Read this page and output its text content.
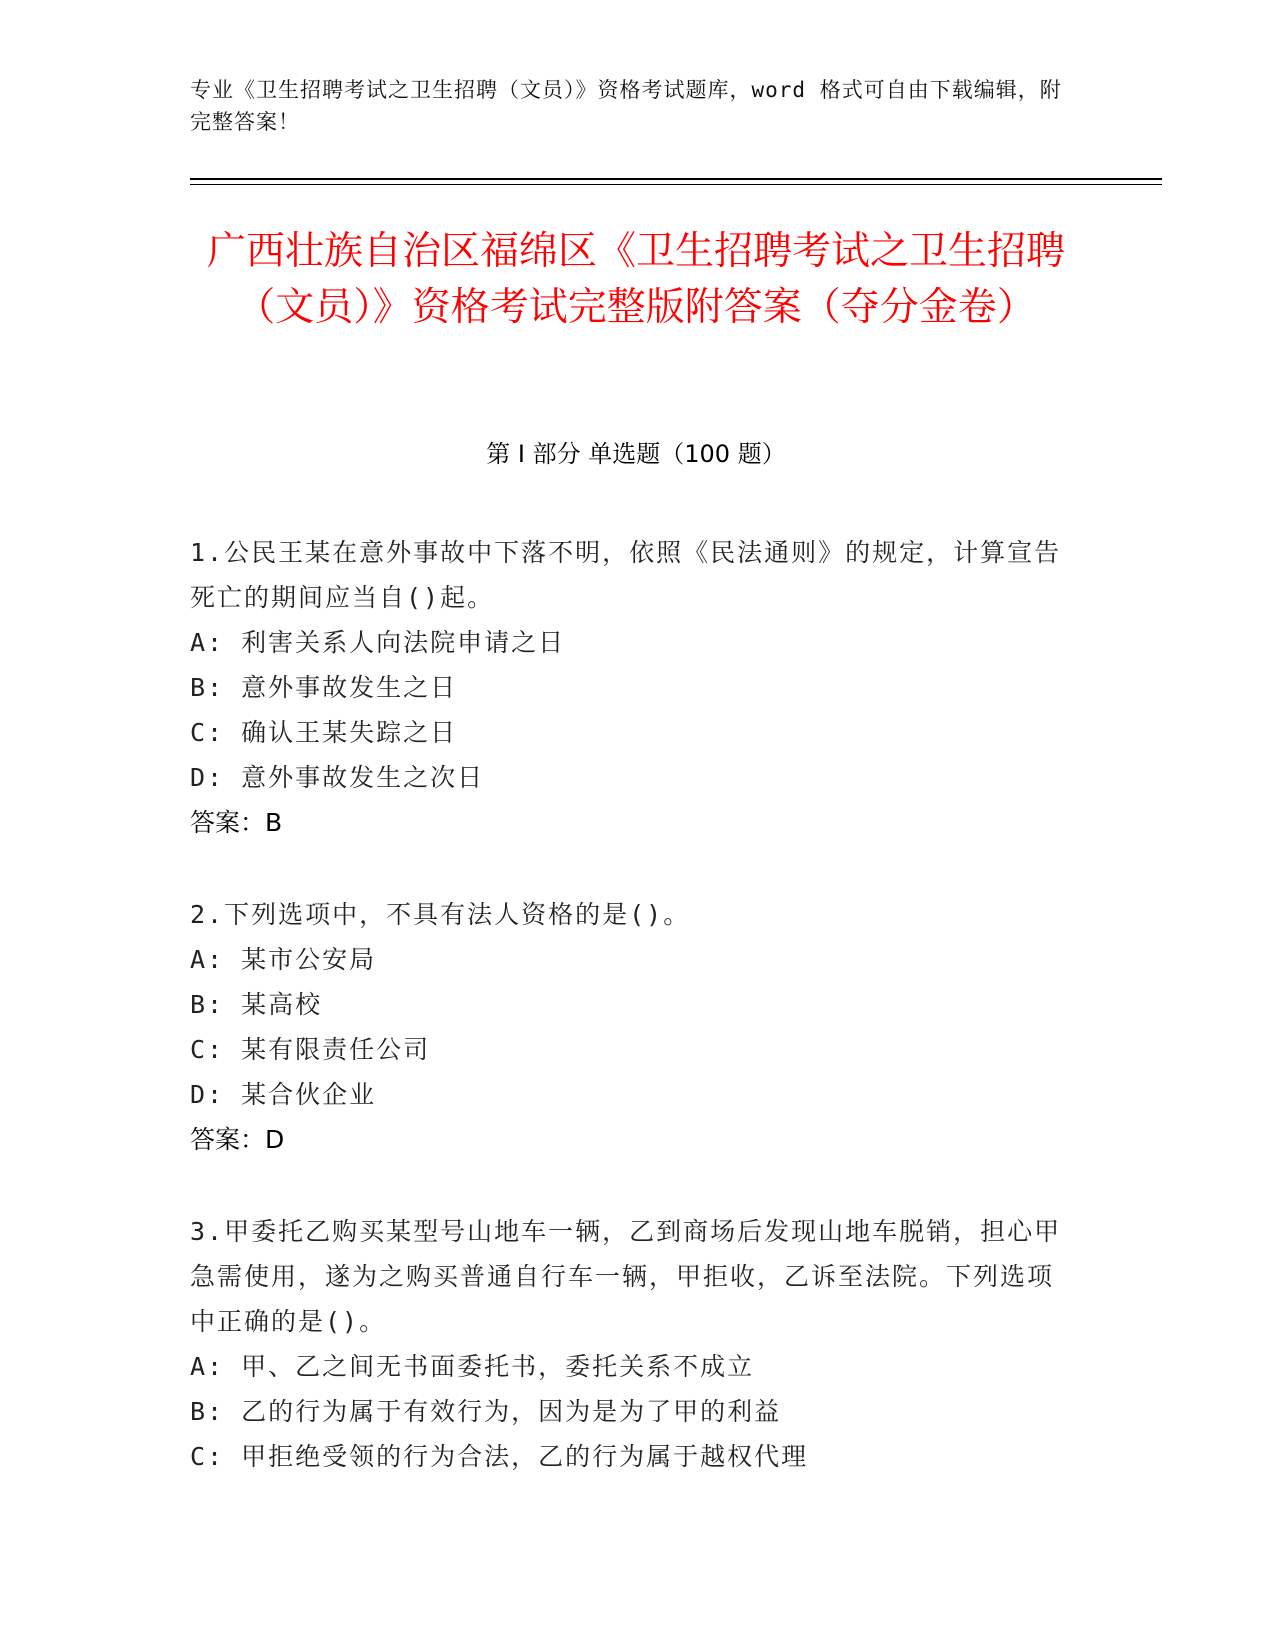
专业《卫生招聘考试之卫生招聘（文员）》资格考试题库，word 格式可自由下载编辑，附完整答案！
广西壮族自治区福绵区《卫生招聘考试之卫生招聘（文员）》资格考试完整版附答案（夺分金卷）
第 I 部分 单选题（100 题）

1.公民王某在意外事故中下落不明，依照《民法通则》的规定，计算宣告死亡的期间应当自()起。

A: 利害关系人向法院申请之日

B: 意外事故发生之日

C: 确认王某失踪之日

D: 意外事故发生之次日

答案：B

2.下列选项中，不具有法人资格的是()。

A: 某市公安局

B: 某高校

C: 某有限责任公司

D: 某合伙企业

答案：D

3.甲委托乙购买某型号山地车一辆，乙到商场后发现山地车脱销，担心甲急需使用，遂为之购买普通自行车一辆，甲拒收，乙诉至法院。下列选项中正确的是()。

A: 甲、乙之间无书面委托书，委托关系不成立

B: 乙的行为属于有效行为，因为是为了甲的利益

C: 甲拒绝受领的行为合法，乙的行为属于越权代理
